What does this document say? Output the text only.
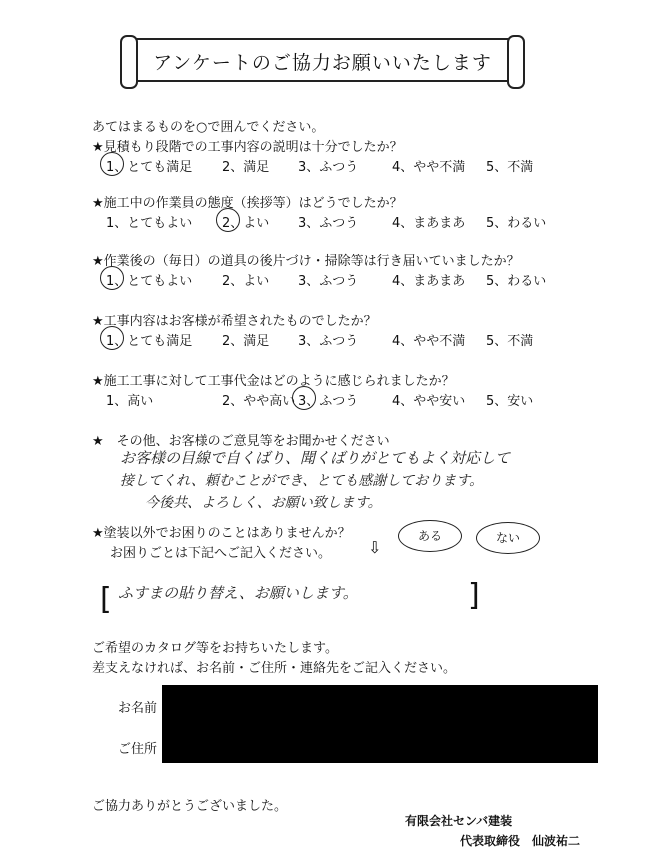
アンケートのご協力お願いいたします
あてはまるものを○で囲んでください。
★見積もり段階での工事内容の説明は十分でしたか？
1、とても満足 2、満足 3、ふつう	4、やや不満 5、不満
★施工中の作業員の態度（挨拶等）はどうでしたか？
1、とてもよい 2、よい 3、ふつう	4、まあまあ 5、わるい
★作業後の（毎日）の道具の後片づけ・掃除等は行き届いていましたか？
1、とてもよい 2、よい 3、ふつう	4、まあまあ 5、わるい
★工事内容はお客様が希望されたものでしたか？
1、とても満足 2、満足 3、ふつう	4、やや不満 5、不満
★施工工事に対して工事代金はどのように感じられましたか？
1、高い	2、やや高い 3、ふつう	4、やや安い 5、安い
★　その他、お客様のご意見等をお聞かせください
お客様の目線で自くばり、聞くばりがとてもよく対応して
接してくれ、頼むことができ、とても感謝しております。
今後共、よろしく、お願い致します。
★塗装以外でお困りのことはありませんか？
お困りごとは下記へご記入ください。 ⇩
ある	ない
[	]
ふすまの貼り替え、お願いします。
ご希望のカタログ等をお持ちいたします。
差支えなければ、お名前・ご住所・連絡先をご記入ください。
お名前
ご住所
ご協力ありがとうございました。
有限会社センバ建装
代表取締役　仙波祐二
